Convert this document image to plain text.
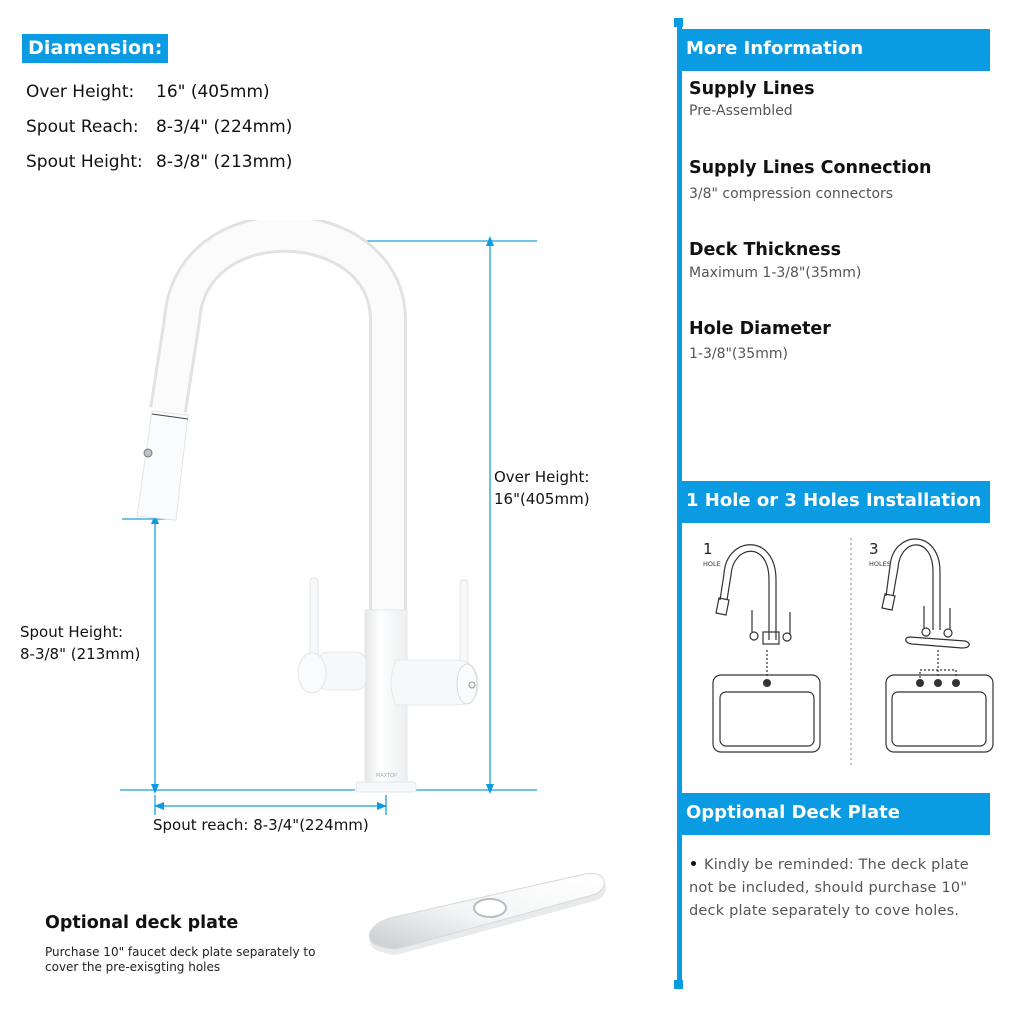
Diamension:
Over Height: 16" (405mm)
Spout Reach: 8-3/4" (224mm)
Spout Height: 8-3/8" (213mm)
MAXTOP
Over Height:
16"(405mm)
Spout Height:
8-3/8" (213mm)
Spout reach: 8-3/4"(224mm)
Optional deck plate
Purchase 10" faucet deck plate separately to
cover the pre-exisgting holes
More Information
Supply Lines
Pre-Assembled
Supply Lines Connection
3/8" compression connectors
Deck Thickness
Maximum 1-3/8"(35mm)
Hole Diameter
1-3/8"(35mm)
1 Hole or 3 Holes Installation
1
HOLE
3
HOLES
Opptional Deck Plate
Kindly be reminded: The deck plate
not be included, should purchase 10"
deck plate separately to cove holes.
